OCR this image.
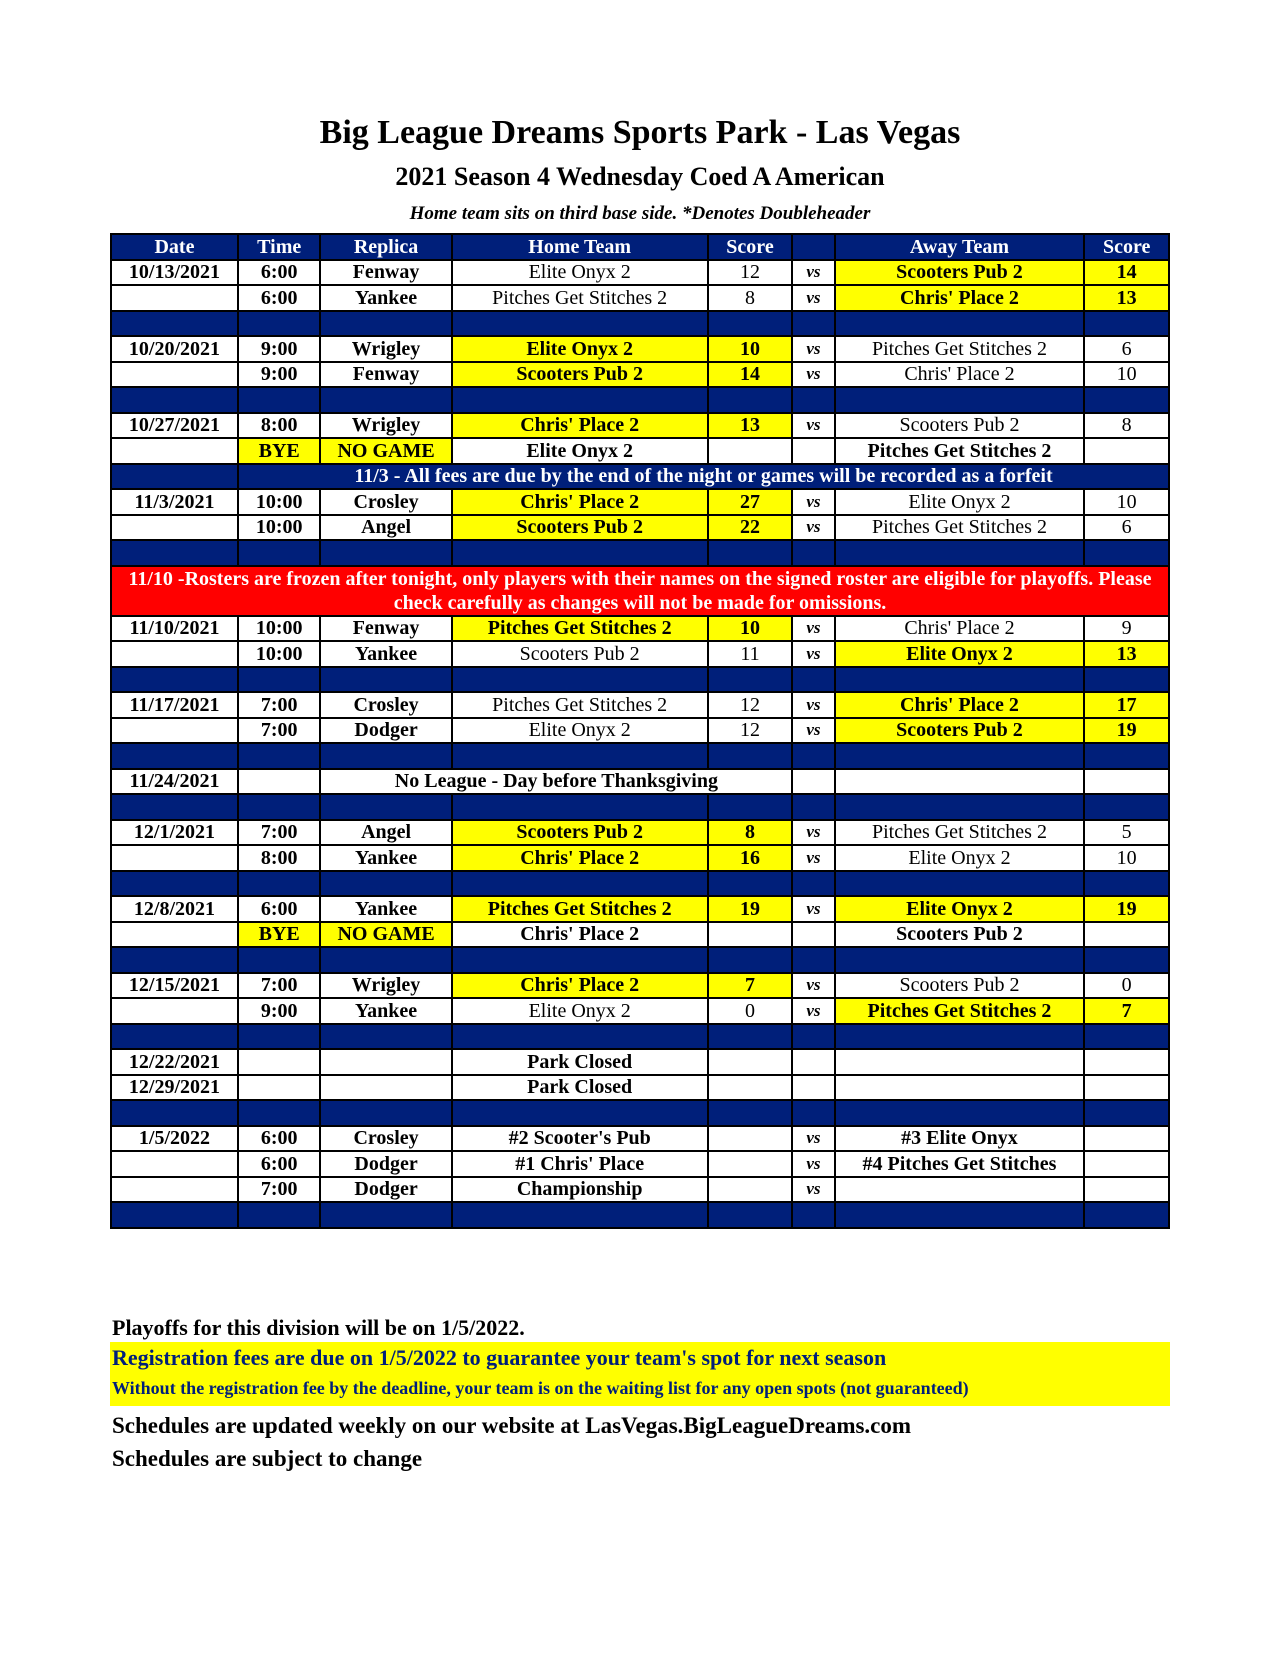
Big League Dreams Sports Park - Las Vegas
2021 Season 4 Wednesday Coed A American
Home team sits on third base side. *Denotes Doubleheader
Date	Time	Replica	Home Team	Score		Away Team	Score
10/13/2021	6:00	Fenway	Elite Onyx 2	12	vs	Scooters Pub 2	14
	6:00	Yankee	Pitches Get Stitches 2	8	vs	Chris' Place 2	13

10/20/2021	9:00	Wrigley	Elite Onyx 2	10	vs	Pitches Get Stitches 2	6
	9:00	Fenway	Scooters Pub 2	14	vs	Chris' Place 2	10

10/27/2021	8:00	Wrigley	Chris' Place 2	13	vs	Scooters Pub 2	8
	BYE	NO GAME	Elite Onyx 2			Pitches Get Stitches 2	
	11/3 - All fees are due by the end of the night or games will be recorded as a forfeit						
11/3/2021	10:00	Crosley	Chris' Place 2	27	vs	Elite Onyx 2	10
	10:00	Angel	Scooters Pub 2	22	vs	Pitches Get Stitches 2	6

11/10 -Rosters are frozen after tonight, only players with their names on the signed roster are eligible for playoffs. Please check carefully as changes will not be made for omissions.							
11/10/2021	10:00	Fenway	Pitches Get Stitches 2	10	vs	Chris' Place 2	9
	10:00	Yankee	Scooters Pub 2	11	vs	Elite Onyx 2	13

11/17/2021	7:00	Crosley	Pitches Get Stitches 2	12	vs	Chris' Place 2	17
	7:00	Dodger	Elite Onyx 2	12	vs	Scooters Pub 2	19

11/24/2021		No League - Day before Thanksgiving					

12/1/2021	7:00	Angel	Scooters Pub 2	8	vs	Pitches Get Stitches 2	5
	8:00	Yankee	Chris' Place 2	16	vs	Elite Onyx 2	10

12/8/2021	6:00	Yankee	Pitches Get Stitches 2	19	vs	Elite Onyx 2	19
	BYE	NO GAME	Chris' Place 2			Scooters Pub 2	

12/15/2021	7:00	Wrigley	Chris' Place 2	7	vs	Scooters Pub 2	0
	9:00	Yankee	Elite Onyx 2	0	vs	Pitches Get Stitches 2	7

12/22/2021			Park Closed				
12/29/2021			Park Closed				

1/5/2022	6:00	Crosley	#2 Scooter's Pub		vs	#3 Elite Onyx	
	6:00	Dodger	#1 Chris' Place		vs	#4 Pitches Get Stitches	
	7:00	Dodger	Championship		vs		

Playoffs for this division will be on 1/5/2022.
Registration fees are due on 1/5/2022 to guarantee your team's spot for next season
Without the registration fee by the deadline, your team is on the waiting list for any open spots (not guaranteed)
Schedules are updated weekly on our website at LasVegas.BigLeagueDreams.com
Schedules are subject to change
